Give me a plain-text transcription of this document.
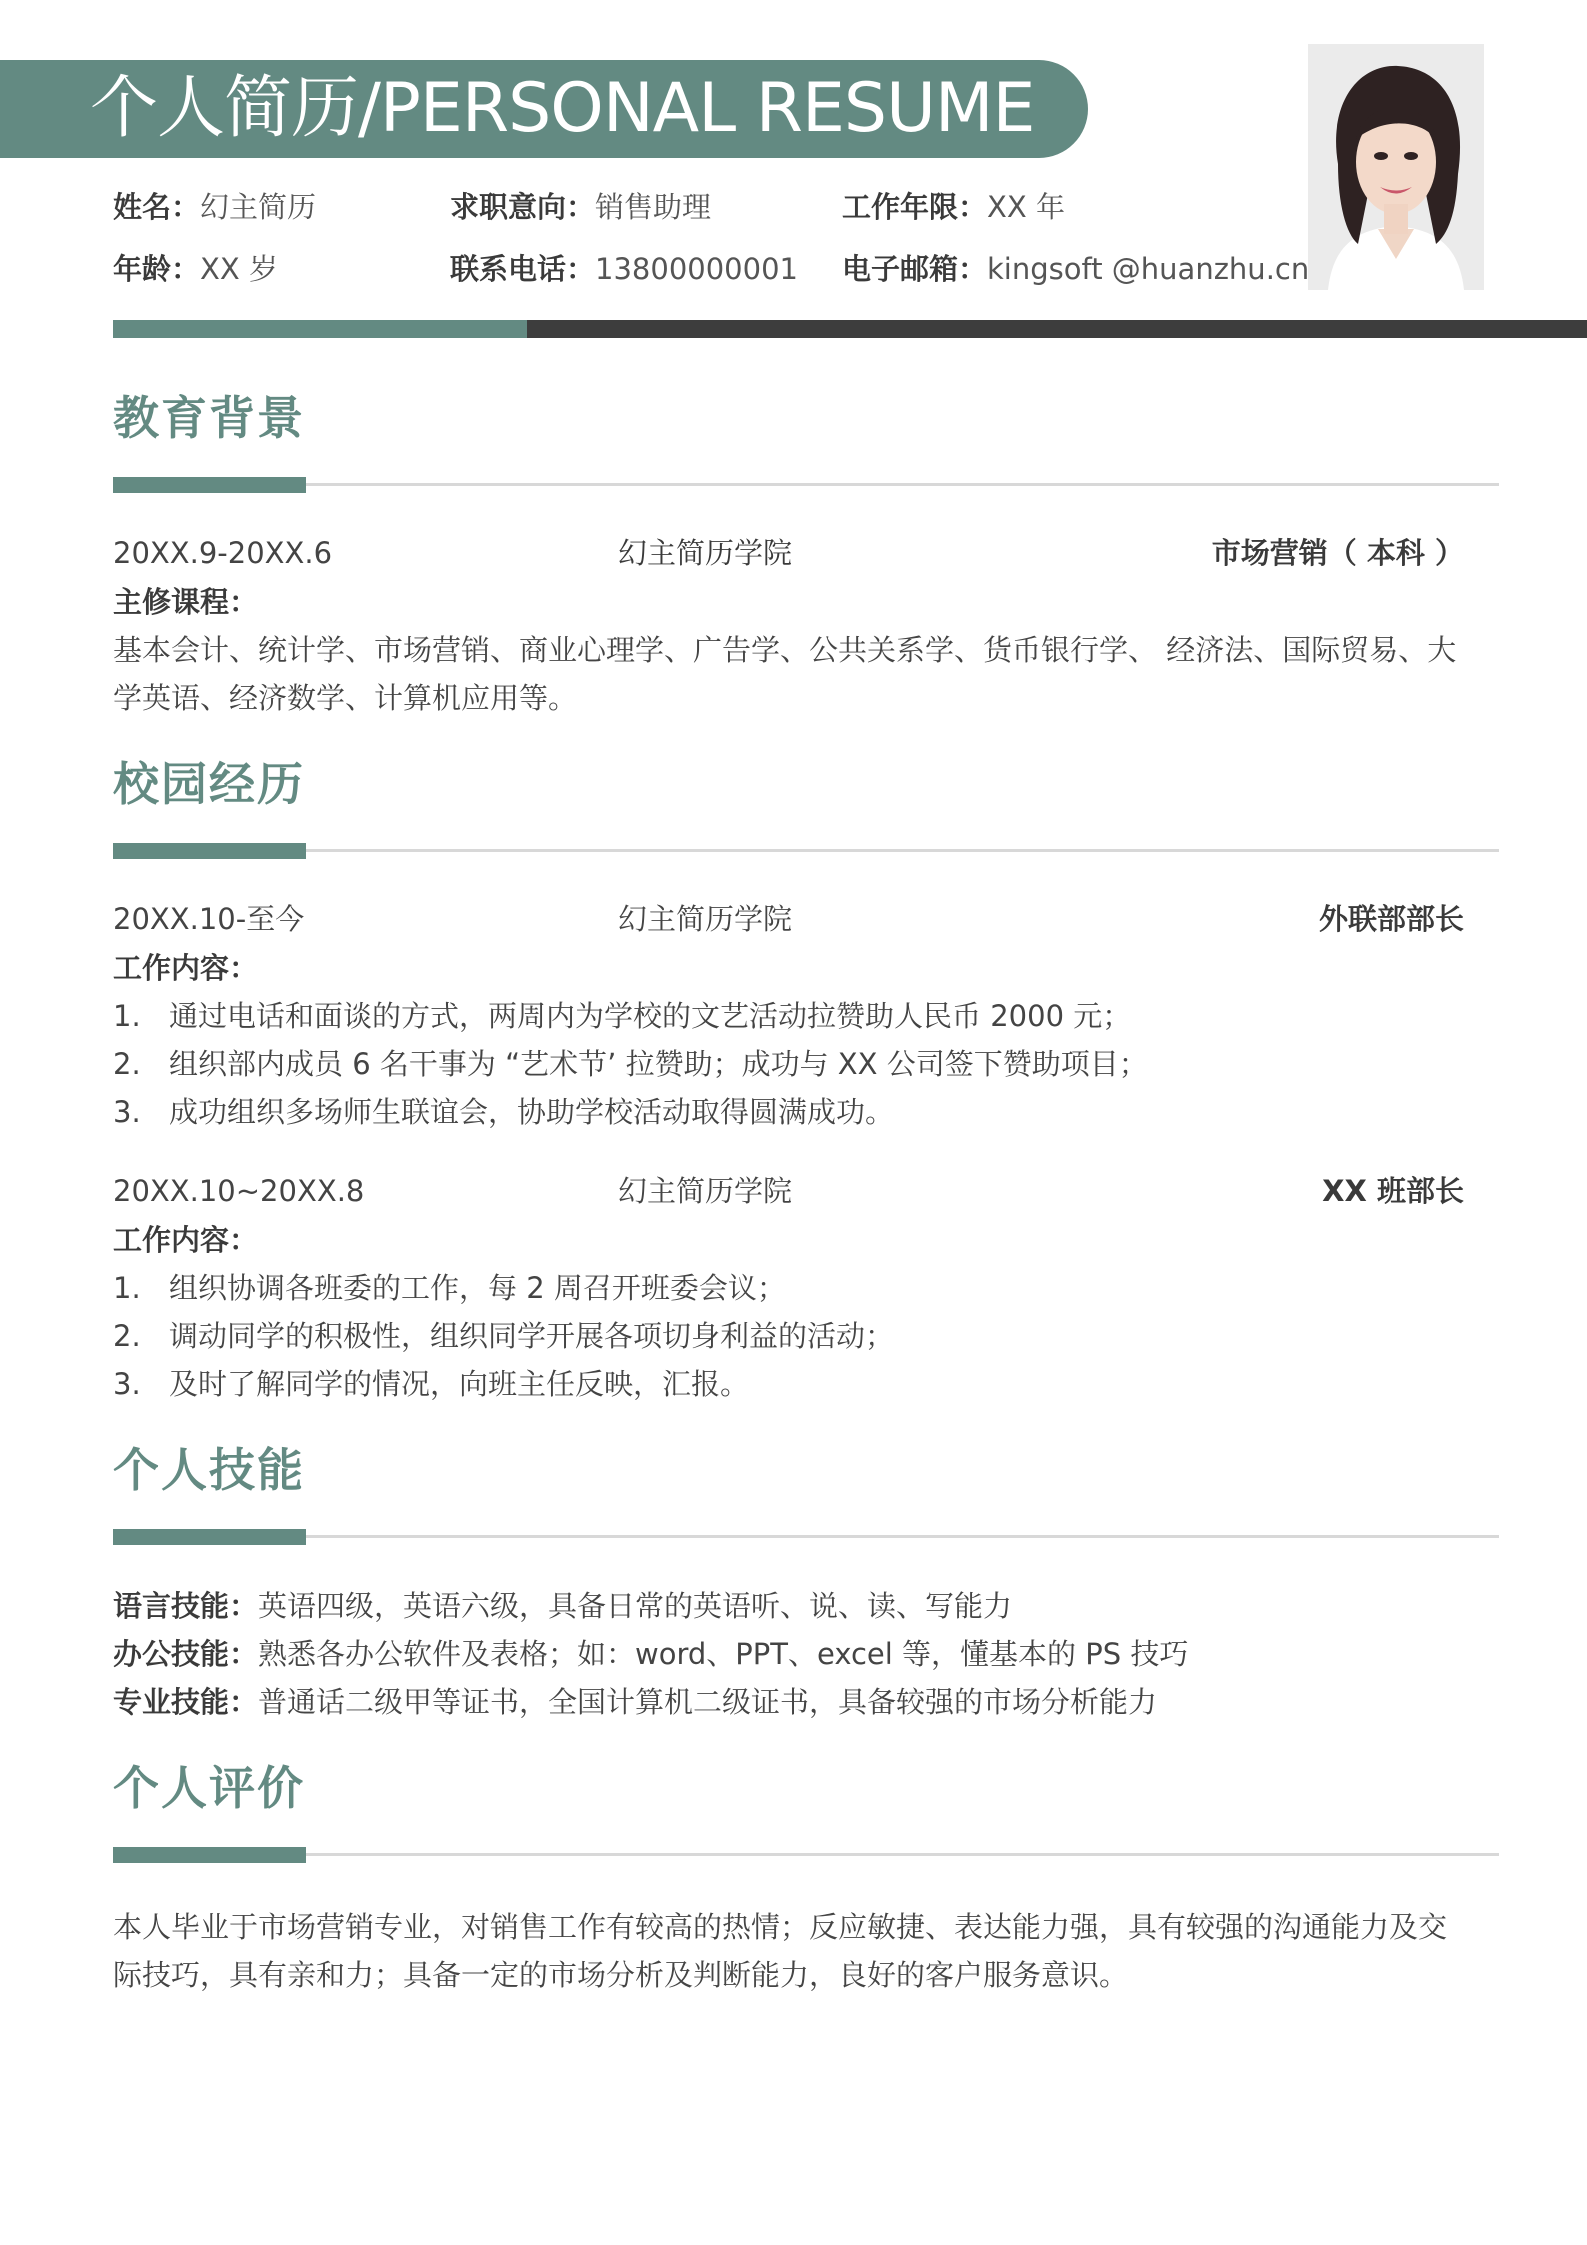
个人简历/PERSONAL RESUME
姓名：幻主简历	求职意向：销售助理	工作年限：XX 年
年龄：XX 岁	联系电话：13800000001 电子邮箱：kingsoft @huanzhu.cn
教育背景
20XX.9-20XX.6	幻主简历学院	市场营销（ 本科 ）
主修课程：
基本会计、统计学、市场营销、商业心理学、广告学、公共关系学、货币银行学、 经济法、国际贸易、大
学英语、经济数学、计算机应用等。
校园经历
20XX.10-至今	幻主简历学院	外联部部长
工作内容：
1. 通过电话和面谈的方式，两周内为学校的文艺活动拉赞助人民币 2000 元；
2. 组织部内成员 6 名干事为 “艺术节’ 拉赞助；成功与 XX 公司签下赞助项目；
3. 成功组织多场师生联谊会，协助学校活动取得圆满成功。
20XX.10~20XX.8	幻主简历学院	XX 班部长
工作内容：
1. 组织协调各班委的工作，每 2 周召开班委会议；
2. 调动同学的积极性，组织同学开展各项切身利益的活动；
3. 及时了解同学的情况，向班主任反映，汇报。
个人技能
语言技能：英语四级，英语六级，具备日常的英语听、说、读、写能力
办公技能：熟悉各办公软件及表格；如：word、PPT、excel 等，懂基本的 PS 技巧
专业技能：普通话二级甲等证书，全国计算机二级证书，具备较强的市场分析能力
个人评价
本人毕业于市场营销专业，对销售工作有较高的热情；反应敏捷、表达能力强，具有较强的沟通能力及交
际技巧，具有亲和力；具备一定的市场分析及判断能力，良好的客户服务意识。
